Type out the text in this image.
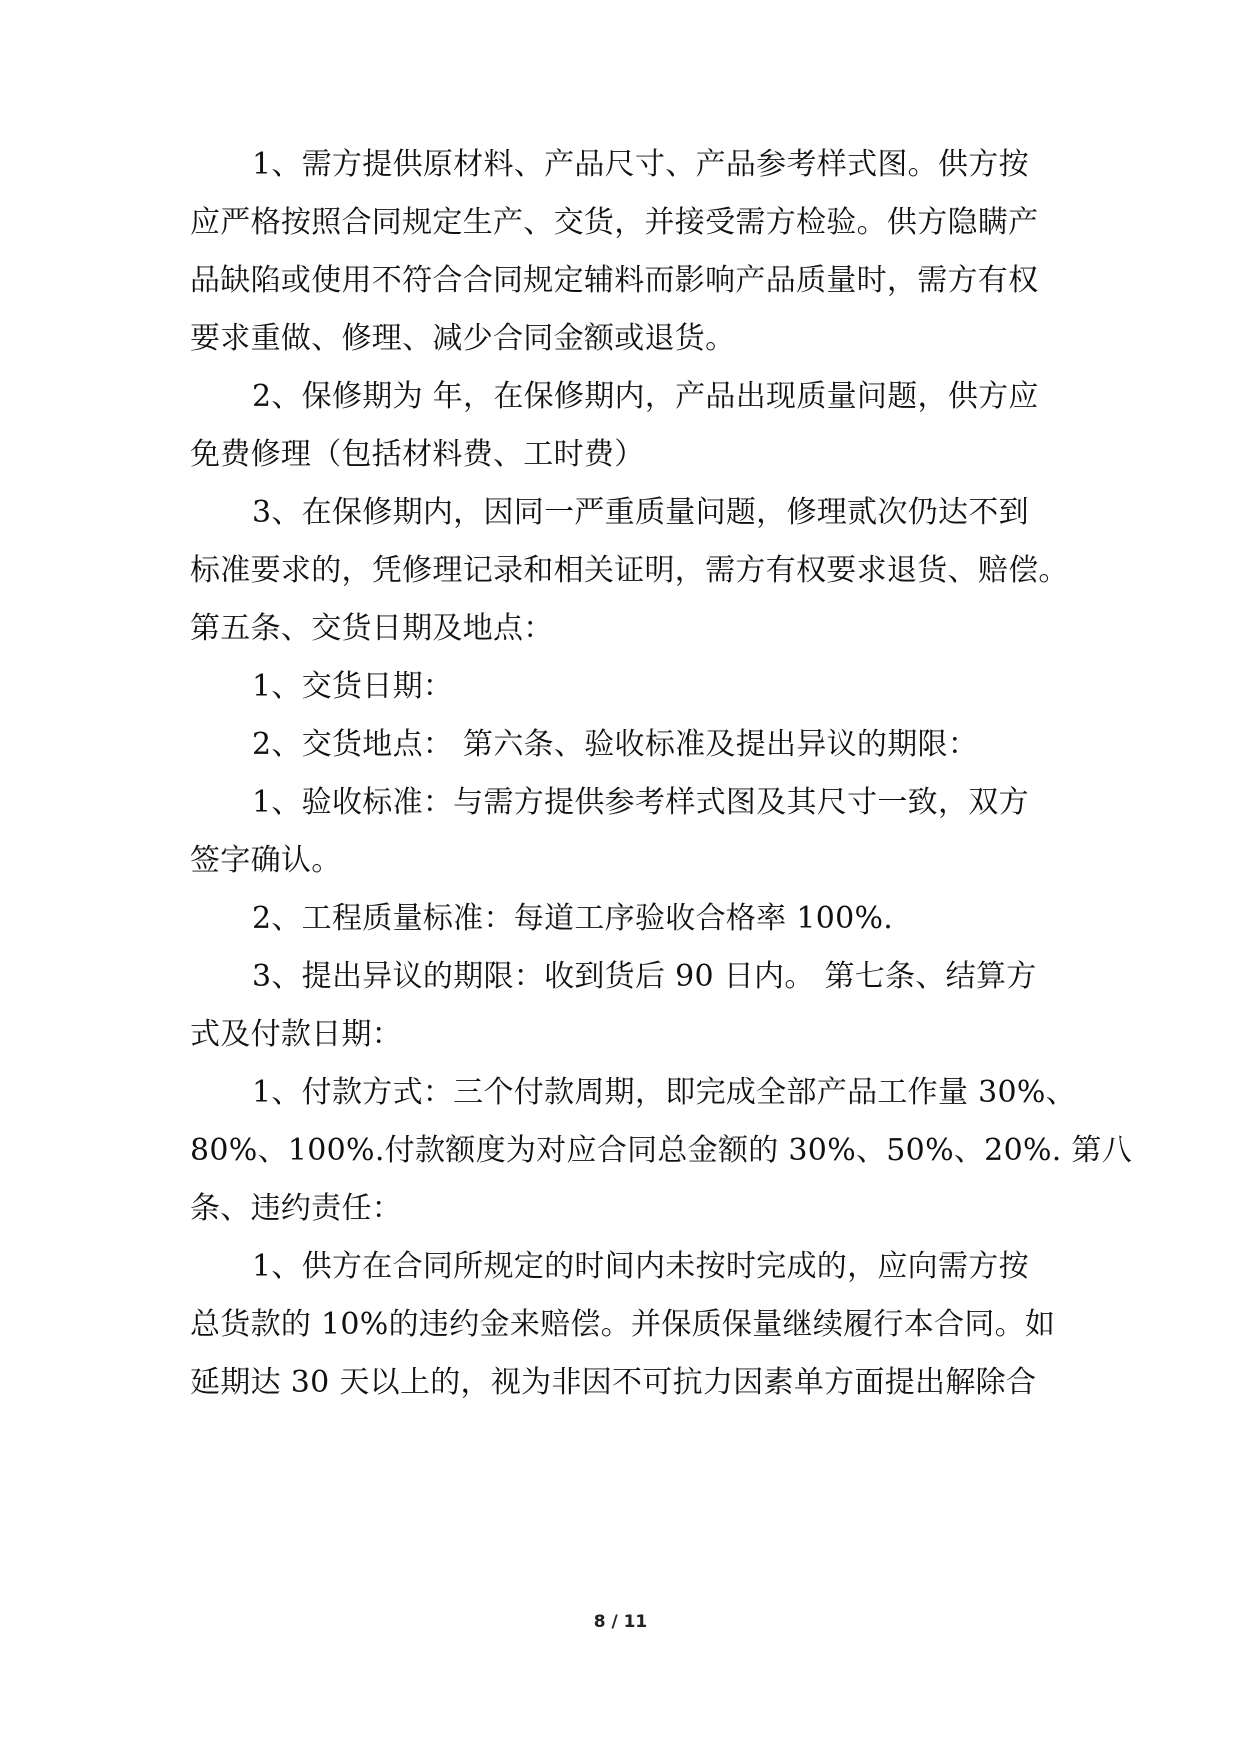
1、需方提供原材料、产品尺寸、产品参考样式图。供方按
应严格按照合同规定生产、交货，并接受需方检验。供方隐瞒产
品缺陷或使用不符合合同规定辅料而影响产品质量时，需方有权
要求重做、修理、减少合同金额或退货。
2、保修期为 年，在保修期内，产品出现质量问题，供方应
免费修理（包括材料费、工时费）
3、在保修期内，因同一严重质量问题，修理贰次仍达不到
标准要求的，凭修理记录和相关证明，需方有权要求退货、赔偿。
第五条、交货日期及地点：
1、交货日期：
2、交货地点： 第六条、验收标准及提出异议的期限：
1、验收标准：与需方提供参考样式图及其尺寸一致，双方
签字确认。
2、工程质量标准：每道工序验收合格率 100%.
3、提出异议的期限：收到货后 90 日内。 第七条、结算方
式及付款日期：
1、付款方式：三个付款周期，即完成全部产品工作量 30%、
80%、100%.付款额度为对应合同总金额的 30%、50%、20%. 第八
条、违约责任：
1、供方在合同所规定的时间内未按时完成的，应向需方按
总货款的 10%的违约金来赔偿。并保质保量继续履行本合同。如
延期达 30 天以上的，视为非因不可抗力因素单方面提出解除合
8 / 11
